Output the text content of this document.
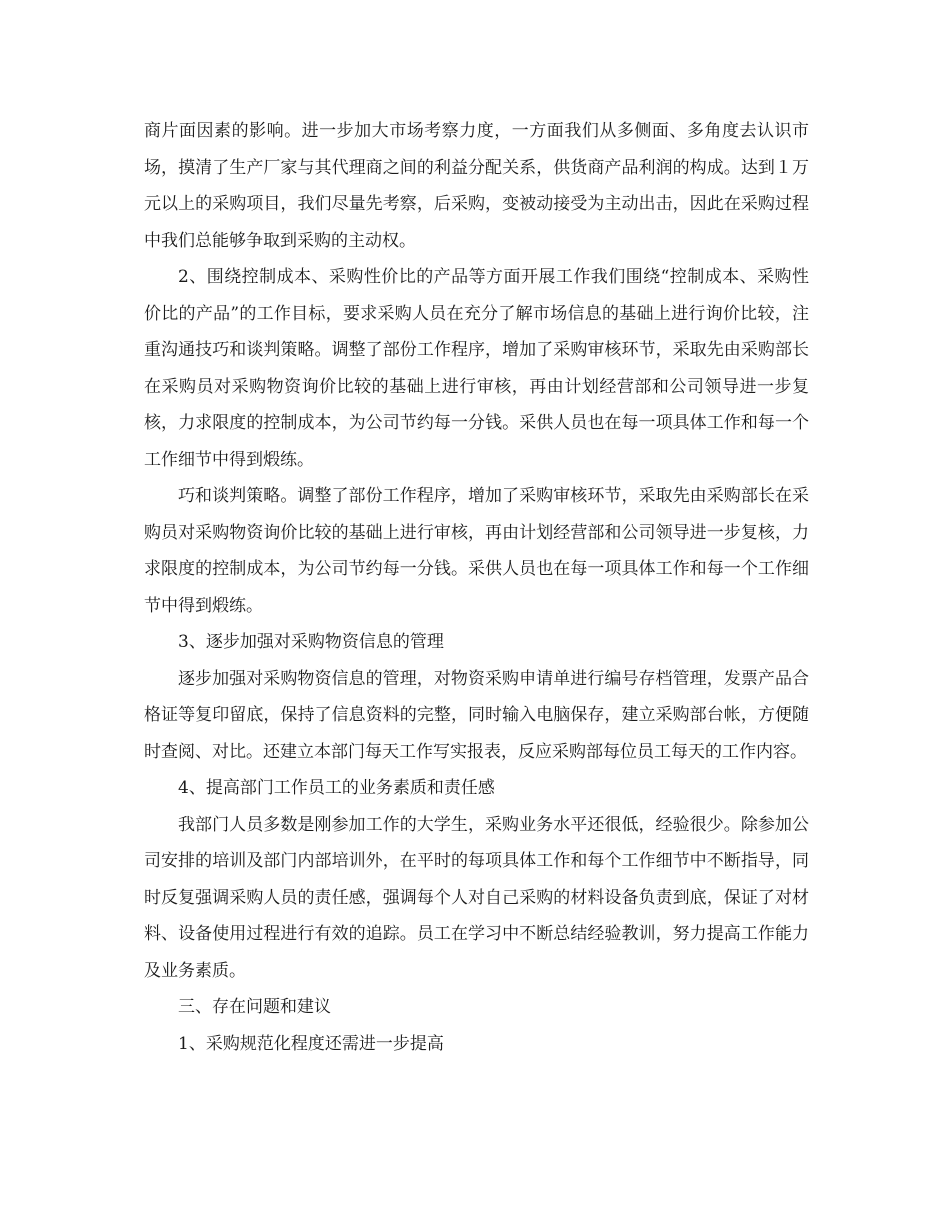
商片面因素的影响。进一步加大市场考察力度，一方面我们从多侧面、多角度去认识市场，摸清了生产厂家与其代理商之间的利益分配关系，供货商产品利润的构成。达到１万元以上的采购项目，我们尽量先考察，后采购，变被动接受为主动出击，因此在采购过程中我们总能够争取到采购的主动权。

2、围绕控制成本、采购性价比的产品等方面开展工作我们围绕“控制成本、采购性价比的产品”的工作目标，要求采购人员在充分了解市场信息的基础上进行询价比较，注重沟通技巧和谈判策略。调整了部份工作程序，增加了采购审核环节，采取先由采购部长在采购员对采购物资询价比较的基础上进行审核，再由计划经营部和公司领导进一步复核，力求限度的控制成本，为公司节约每一分钱。采供人员也在每一项具体工作和每一个工作细节中得到煅练。

巧和谈判策略。调整了部份工作程序，增加了采购审核环节，采取先由采购部长在采购员对采购物资询价比较的基础上进行审核，再由计划经营部和公司领导进一步复核，力求限度的控制成本，为公司节约每一分钱。采供人员也在每一项具体工作和每一个工作细节中得到煅练。

3、逐步加强对采购物资信息的管理

逐步加强对采购物资信息的管理，对物资采购申请单进行编号存档管理，发票产品合格证等复印留底，保持了信息资料的完整，同时输入电脑保存，建立采购部台帐，方便随时查阅、对比。还建立本部门每天工作写实报表，反应采购部每位员工每天的工作内容。

4、提高部门工作员工的业务素质和责任感

我部门人员多数是刚参加工作的大学生，采购业务水平还很低，经验很少。除参加公司安排的培训及部门内部培训外，在平时的每项具体工作和每个工作细节中不断指导，同时反复强调采购人员的责任感，强调每个人对自己采购的材料设备负责到底，保证了对材料、设备使用过程进行有效的追踪。员工在学习中不断总结经验教训，努力提高工作能力及业务素质。

三、存在问题和建议

1、采购规范化程度还需进一步提高
